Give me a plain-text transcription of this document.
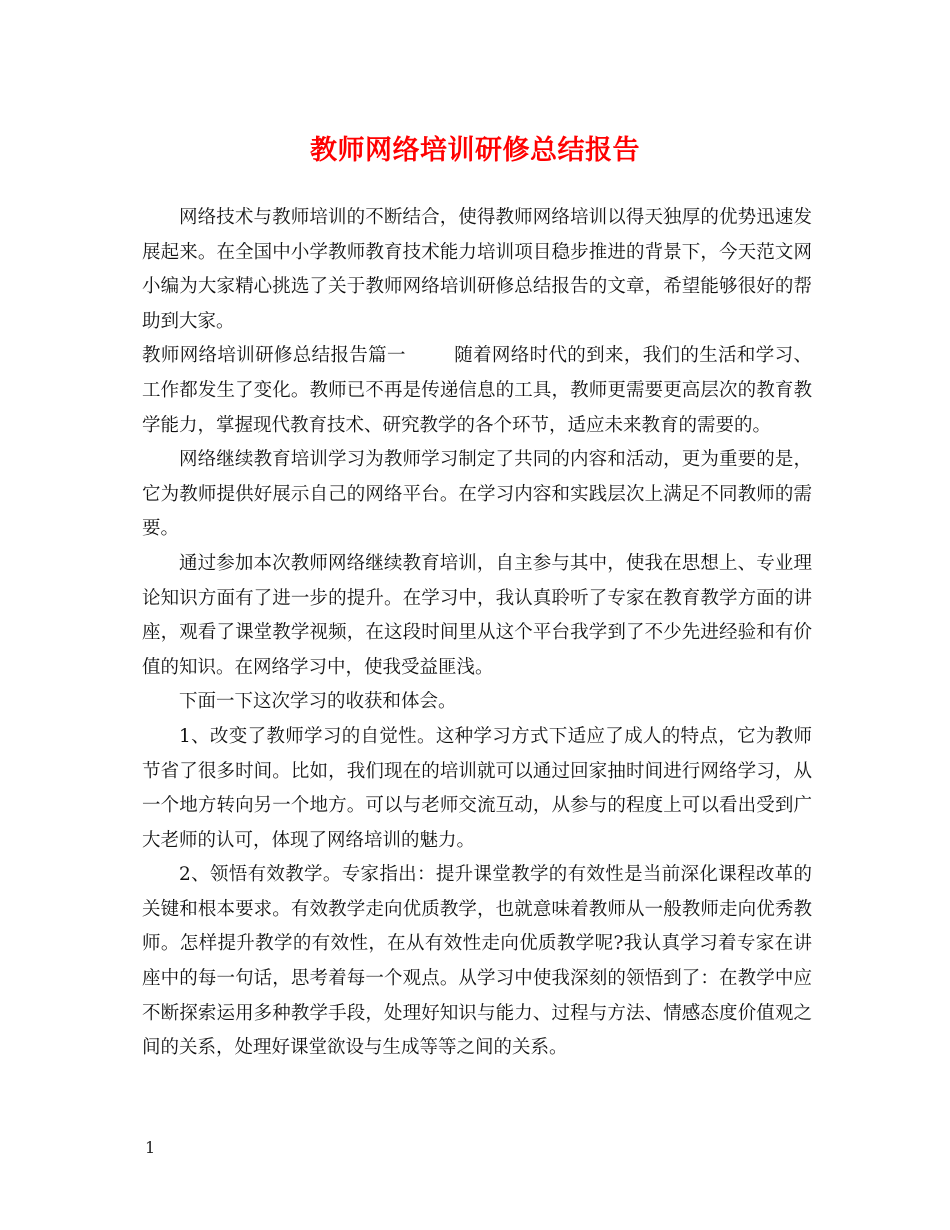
教师网络培训研修总结报告

网络技术与教师培训的不断结合，使得教师网络培训以得天独厚的优势迅速发展起来。在全国中小学教师教育技术能力培训项目稳步推进的背景下，今天范文网小编为大家精心挑选了关于教师网络培训研修总结报告的文章，希望能够很好的帮助到大家。

教师网络培训研修总结报告篇一	随着网络时代的到来，我们的生活和学习、工作都发生了变化。教师已不再是传递信息的工具，教师更需要更高层次的教育教学能力，掌握现代教育技术、研究教学的各个环节，适应未来教育的需要的。

网络继续教育培训学习为教师学习制定了共同的内容和活动，更为重要的是，它为教师提供好展示自己的网络平台。在学习内容和实践层次上满足不同教师的需要。

通过参加本次教师网络继续教育培训，自主参与其中，使我在思想上、专业理论知识方面有了进一步的提升。在学习中，我认真聆听了专家在教育教学方面的讲座，观看了课堂教学视频，在这段时间里从这个平台我学到了不少先进经验和有价值的知识。在网络学习中，使我受益匪浅。

下面一下这次学习的收获和体会。

1、改变了教师学习的自觉性。这种学习方式下适应了成人的特点，它为教师节省了很多时间。比如，我们现在的培训就可以通过回家抽时间进行网络学习，从一个地方转向另一个地方。可以与老师交流互动，从参与的程度上可以看出受到广大老师的认可，体现了网络培训的魅力。

2、领悟有效教学。专家指出：提升课堂教学的有效性是当前深化课程改革的关键和根本要求。有效教学走向优质教学，也就意味着教师从一般教师走向优秀教师。怎样提升教学的有效性，在从有效性走向优质教学呢?我认真学习着专家在讲座中的每一句话，思考着每一个观点。从学习中使我深刻的领悟到了：在教学中应不断探索运用多种教学手段，处理好知识与能力、过程与方法、情感态度价值观之间的关系，处理好课堂欲设与生成等等之间的关系。

1
